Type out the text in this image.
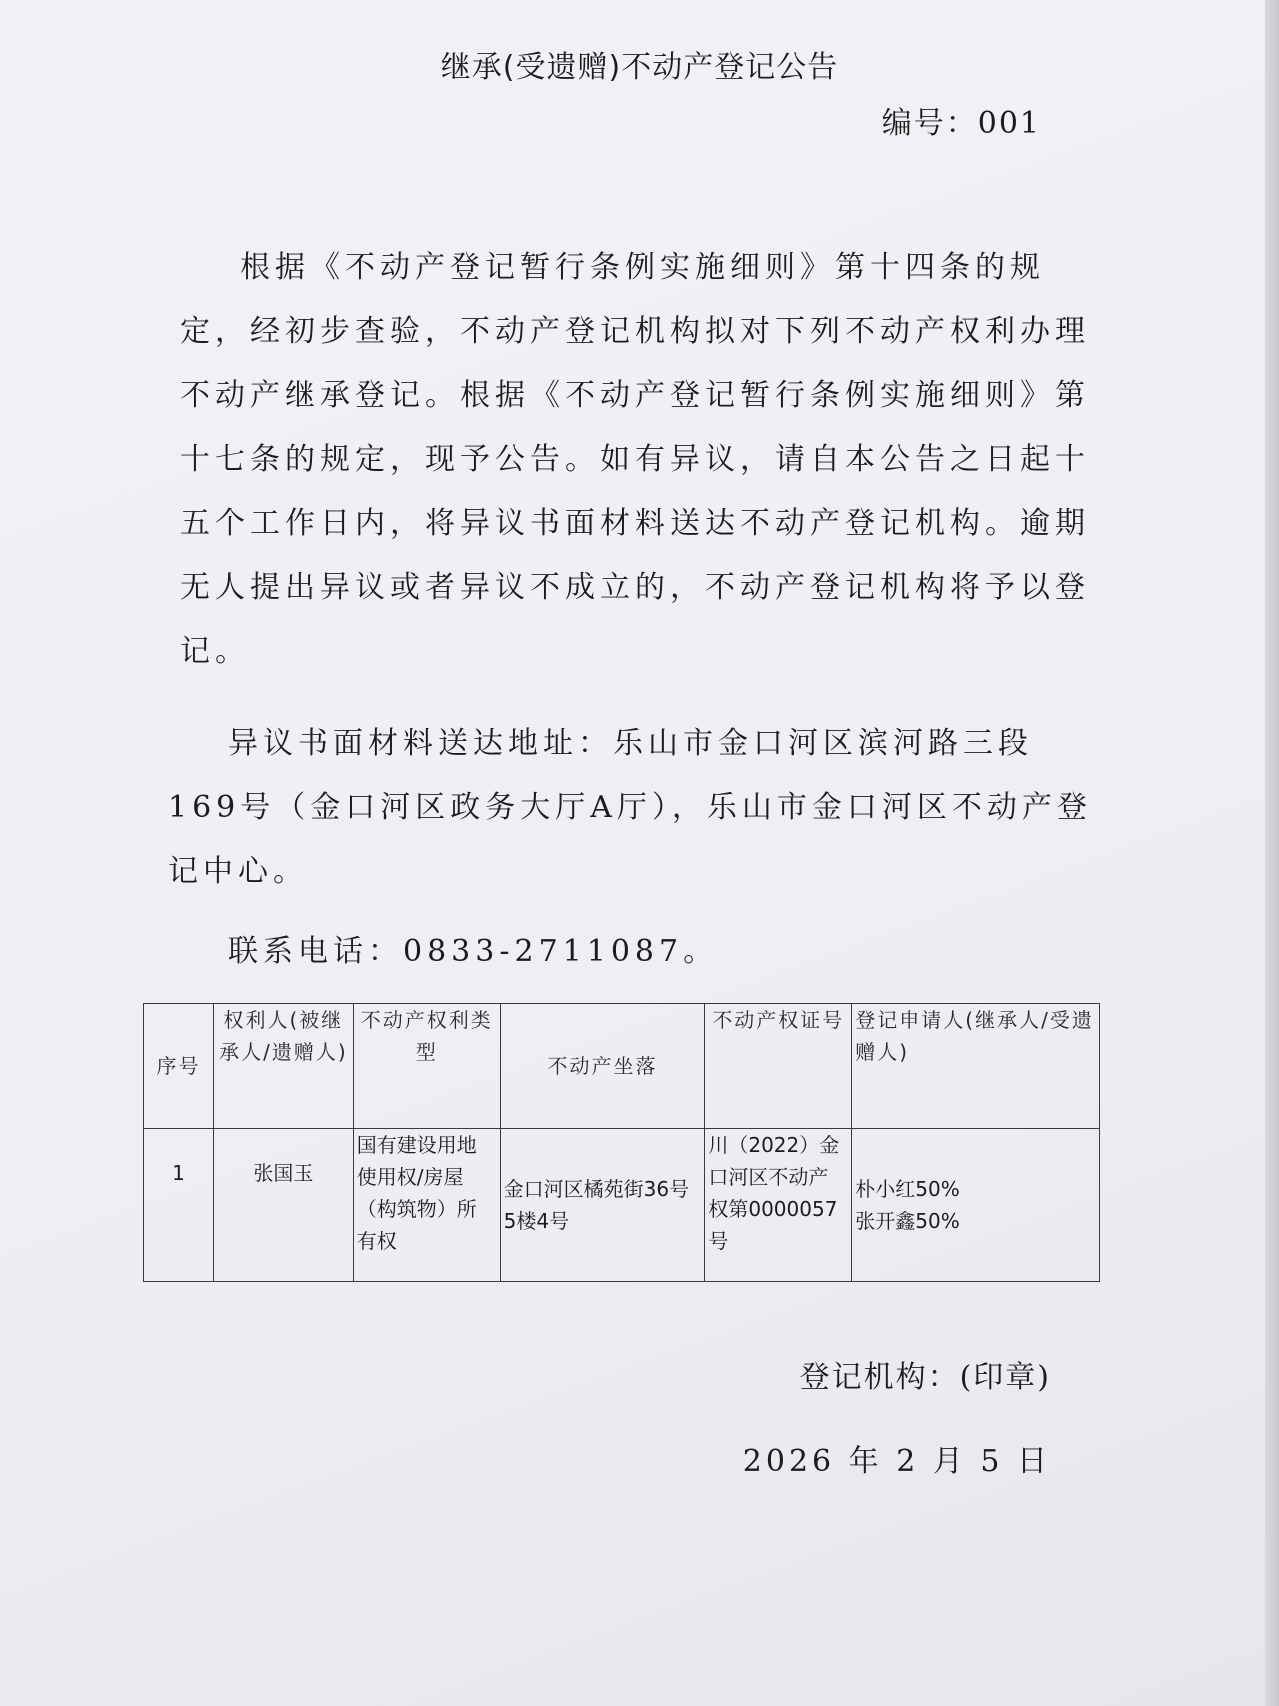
继承(受遗赠)不动产登记公告
编号：001

根据《不动产登记暂行条例实施细则》第十四条的规定，经初步查验，不动产登记机构拟对下列不动产权利办理不动产继承登记。根据《不动产登记暂行条例实施细则》第十七条的规定，现予公告。如有异议，请自本公告之日起十五个工作日内，将异议书面材料送达不动产登记机构。逾期无人提出异议或者异议不成立的，不动产登记机构将予以登记。

异议书面材料送达地址：乐山市金口河区滨河路三段169号（金口河区政务大厅A厅），乐山市金口河区不动产登记中心。

联系电话：0833-2711087。

序号	权利人(被继承人/遗赠人)	不动产权利类型	不动产坐落	不动产权证号	登记申请人(继承人/受遗赠人)
1	张国玉	国有建设用地使用权/房屋（构筑物）所有权	金口河区橘苑街36号5楼4号	川（2022）金口河区不动产权第0000057号	朴小红50%
张开鑫50%
登记机构：(印章)
2026 年 2 月 5 日
